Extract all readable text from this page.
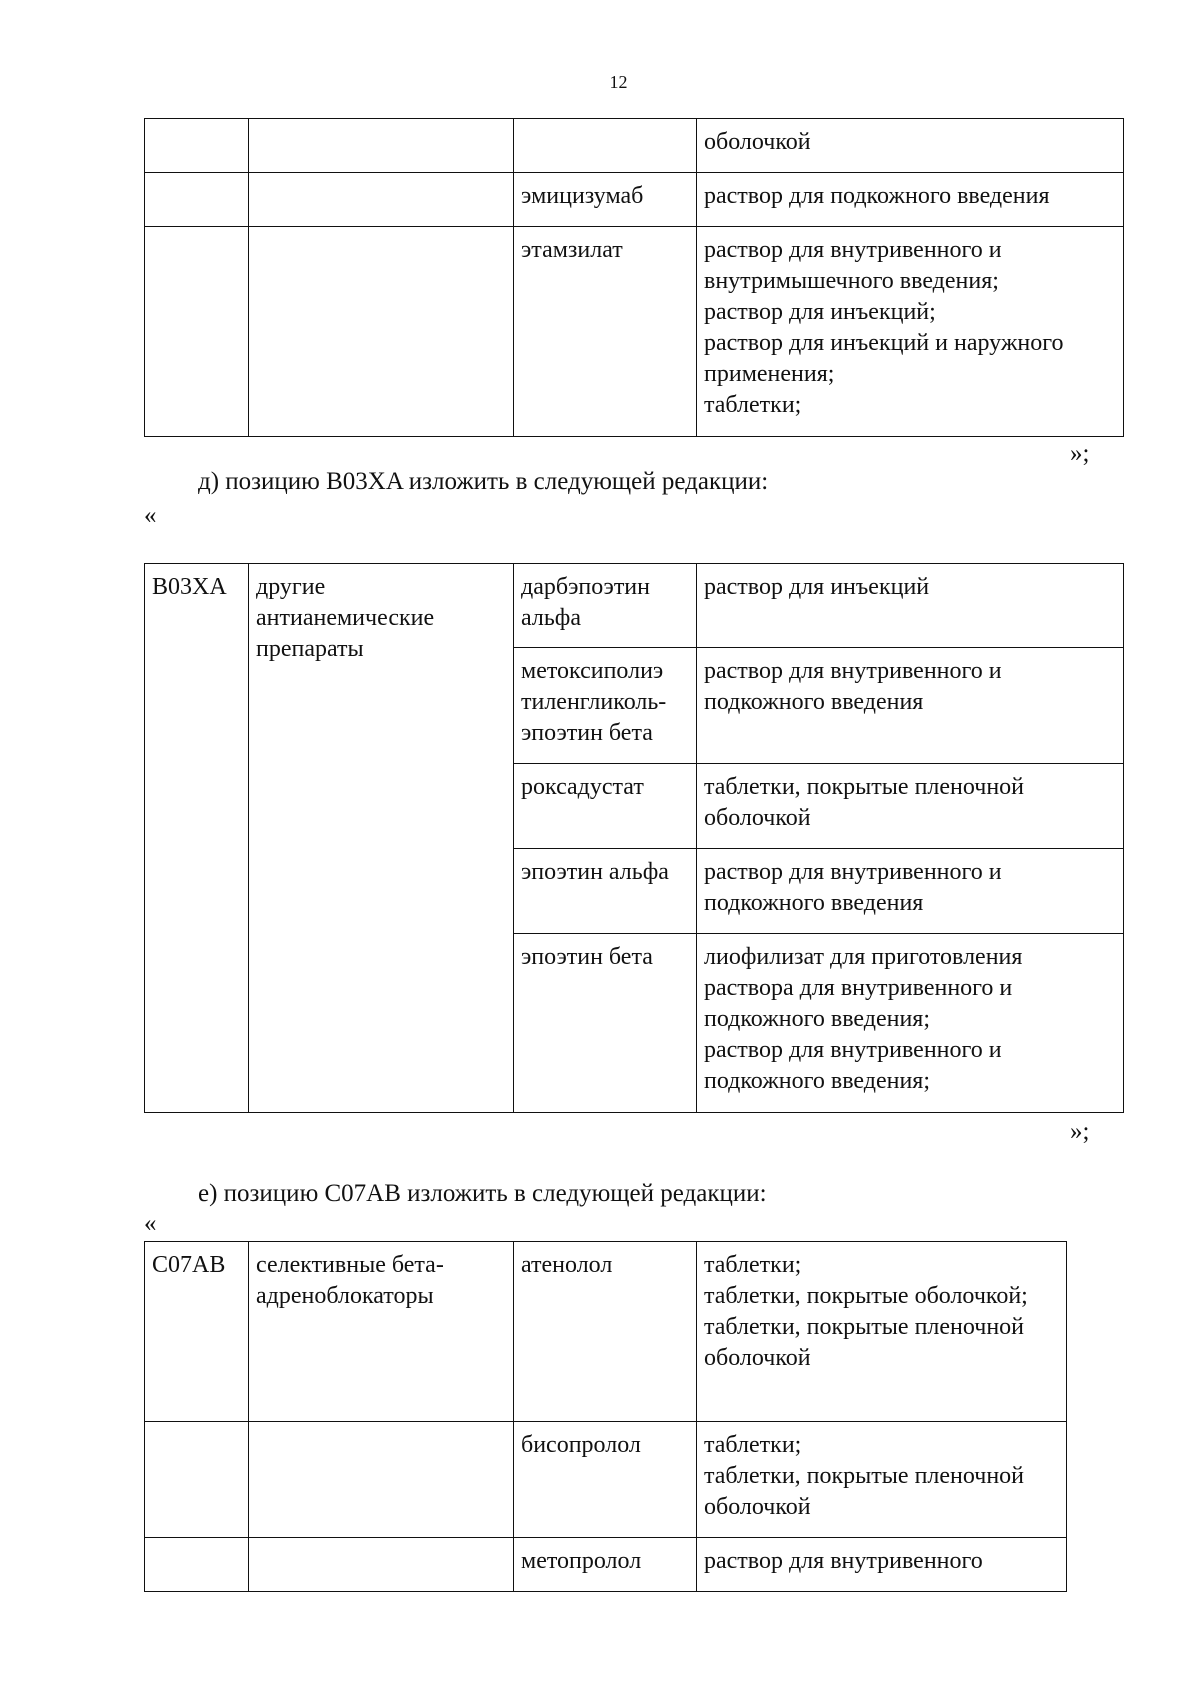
12

			оболочкой

		эмицизумаб	раствор для подкожного введения

		этамзилат	раствор для внутривенного и внутримышечного введения;
раствор для инъекций;
раствор для инъекций и наружного применения;
таблетки;
»;
д) позицию B03XA изложить в следующей редакции:
«
B03XA	другие антианемические препараты	дарбэпоэтин альфа	раствор для инъекций

		метоксиполиэ тиленгликоль-эпоэтин бета	раствор для внутривенного и подкожного введения

		роксадустат	таблетки, покрытые пленочной оболочкой

		эпоэтин альфа	раствор для внутривенного и подкожного введения

		эпоэтин бета	лиофилизат для приготовления раствора для внутривенного и подкожного введения;
раствор для внутривенного и подкожного введения;
»;
е) позицию C07AB изложить в следующей редакции:
«
C07AB	селективные бета-адреноблокаторы	атенолол	таблетки;
таблетки, покрытые оболочкой;
таблетки, покрытые пленочной оболочкой

		бисопролол	таблетки;
таблетки, покрытые пленочной оболочкой

		метопролол	раствор для внутривенного
